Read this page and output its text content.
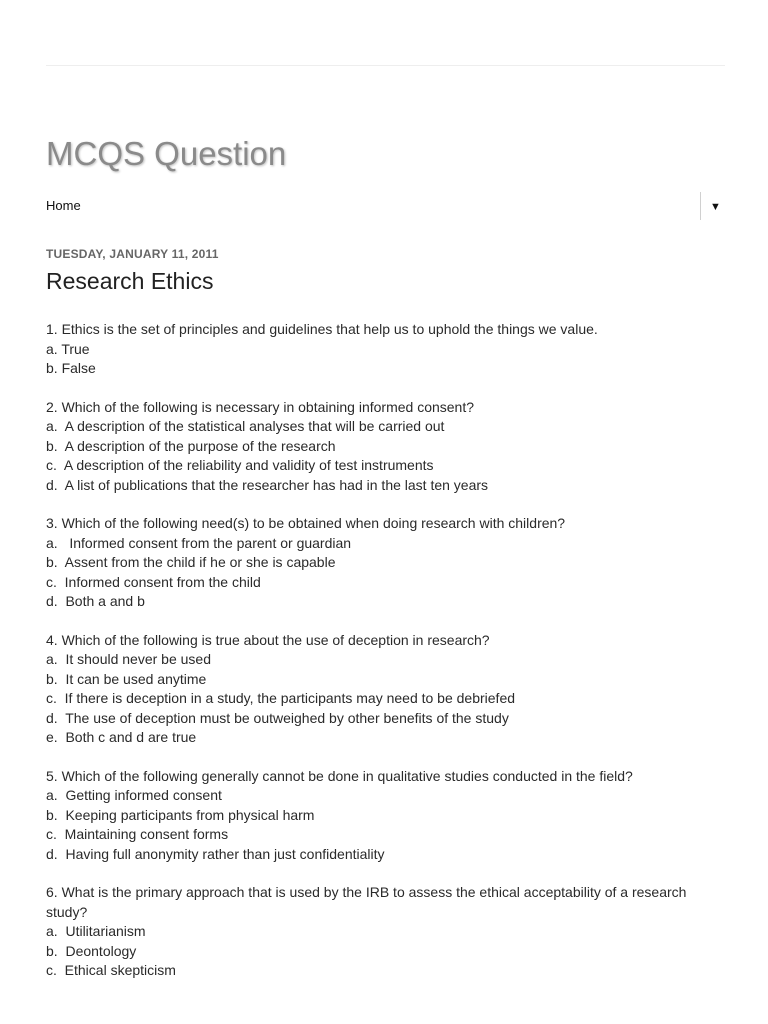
MCQS Question
Home	▼
TUESDAY, JANUARY 11, 2011
Research Ethics
1. Ethics is the set of principles and guidelines that help us to uphold the things we value.
a. True
b. False
2. Which of the following is necessary in obtaining informed consent?
a.  A description of the statistical analyses that will be carried out
b.  A description of the purpose of the research
c.  A description of the reliability and validity of test instruments
d.  A list of publications that the researcher has had in the last ten years
3. Which of the following need(s) to be obtained when doing research with children?
a.   Informed consent from the parent or guardian
b.  Assent from the child if he or she is capable
c.  Informed consent from the child
d.  Both a and b
4. Which of the following is true about the use of deception in research?
a.  It should never be used
b.  It can be used anytime
c.  If there is deception in a study, the participants may need to be debriefed
d.  The use of deception must be outweighed by other benefits of the study
e.  Both c and d are true
5. Which of the following generally cannot be done in qualitative studies conducted in the field?
a.  Getting informed consent
b.  Keeping participants from physical harm
c.  Maintaining consent forms
d.  Having full anonymity rather than just confidentiality
6. What is the primary approach that is used by the IRB to assess the ethical acceptability of a research study?
a.  Utilitarianism
b.  Deontology
c.  Ethical skepticism
